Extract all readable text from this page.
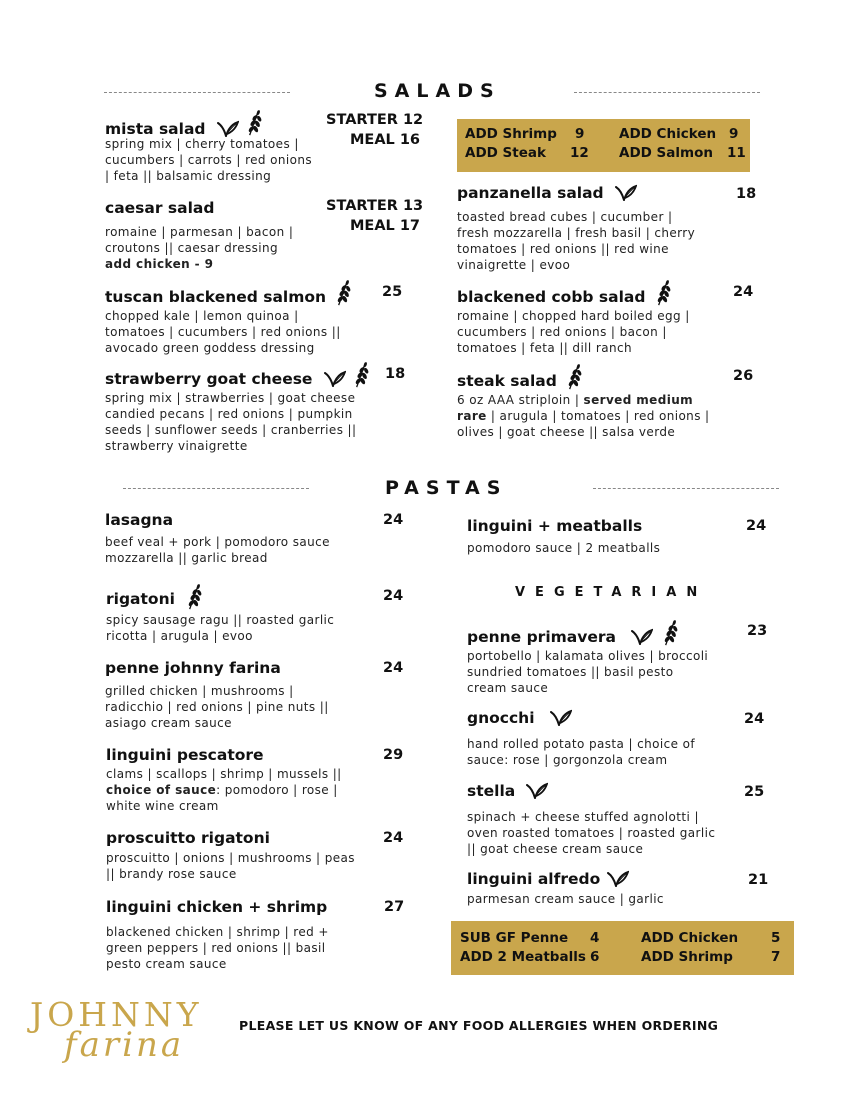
SALADS
mista salad	STARTER 12
MEAL 16
spring mix | cherry tomatoes |
cucumbers | carrots | red onions
| feta || balsamic dressing
caesar salad	STARTER 13
MEAL 17
romaine | parmesan | bacon |
croutons || caesar dressing
add chicken - 9
tuscan blackened salmon	25
chopped kale | lemon quinoa |
tomatoes | cucumbers | red onions ||
avocado green goddess dressing
strawberry goat cheese	18
spring mix | strawberries | goat cheese
candied pecans | red onions | pumpkin
seeds | sunflower seeds | cranberries ||
strawberry vinaigrette
ADD Shrimp 9	ADD Chicken 9
ADD Steak 12 ADD Salmon 11
panzanella salad	18
toasted bread cubes | cucumber |
fresh mozzarella | fresh basil | cherry
tomatoes | red onions || red wine
vinaigrette | evoo
blackened cobb salad	24
romaine | chopped hard boiled egg |
cucumbers | red onions | bacon |
tomatoes | feta || dill ranch
steak salad	26
6 oz AAA striploin | served medium
rare | arugula | tomatoes | red onions |
olives | goat cheese || salsa verde
PASTAS
lasagna	24
beef veal + pork | pomodoro sauce
mozzarella || garlic bread
rigatoni	24
spicy sausage ragu || roasted garlic
ricotta | arugula | evoo
penne johnny farina	24
grilled chicken | mushrooms |
radicchio | red onions | pine nuts ||
asiago cream sauce
linguini pescatore	29
clams | scallops | shrimp | mussels ||
choice of sauce: pomodoro | rose |
white wine cream
proscuitto rigatoni	24
proscuitto | onions | mushrooms | peas
|| brandy rose sauce
linguini chicken + shrimp	27
blackened chicken | shrimp | red +
green peppers | red onions || basil
pesto cream sauce
linguini + meatballs	24
pomodoro sauce | 2 meatballs
VEGETARIAN
penne primavera	23
portobello | kalamata olives | broccoli
sundried tomatoes || basil pesto
cream sauce
gnocchi	24
hand rolled potato pasta | choice of
sauce: rose | gorgonzola cream
stella	25
spinach + cheese stuffed agnolotti |
oven roasted tomatoes | roasted garlic
|| goat cheese cream sauce
linguini alfredo	21
parmesan cream sauce | garlic
SUB GF Penne 4	ADD Chicken 5
ADD 2 Meatballs 6	ADD Shrimp	7
JOHNNY
farina	PLEASE LET US KNOW OF ANY FOOD ALLERGIES WHEN ORDERING
